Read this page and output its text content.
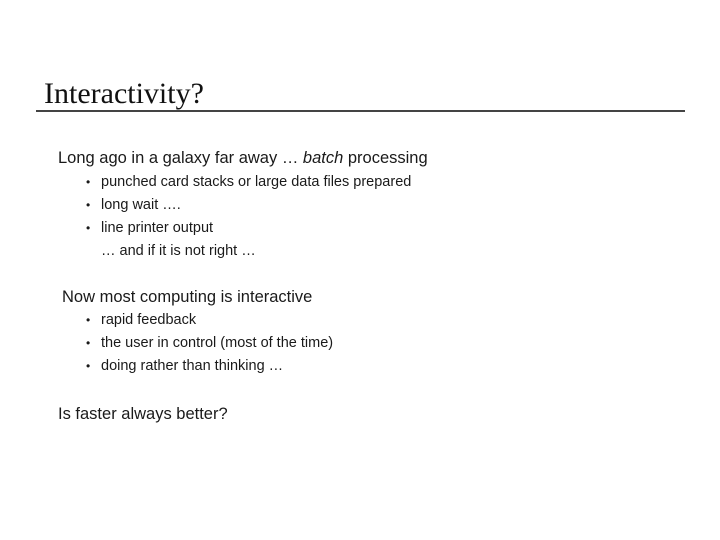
Interactivity?
Long ago in a galaxy far away … batch processing
• punched card stacks or large data files prepared
• long wait ….
• line printer output
… and if it is not right …
Now most computing is interactive
• rapid feedback
• the user in control (most of the time)
• doing rather than thinking …
Is faster always better?
